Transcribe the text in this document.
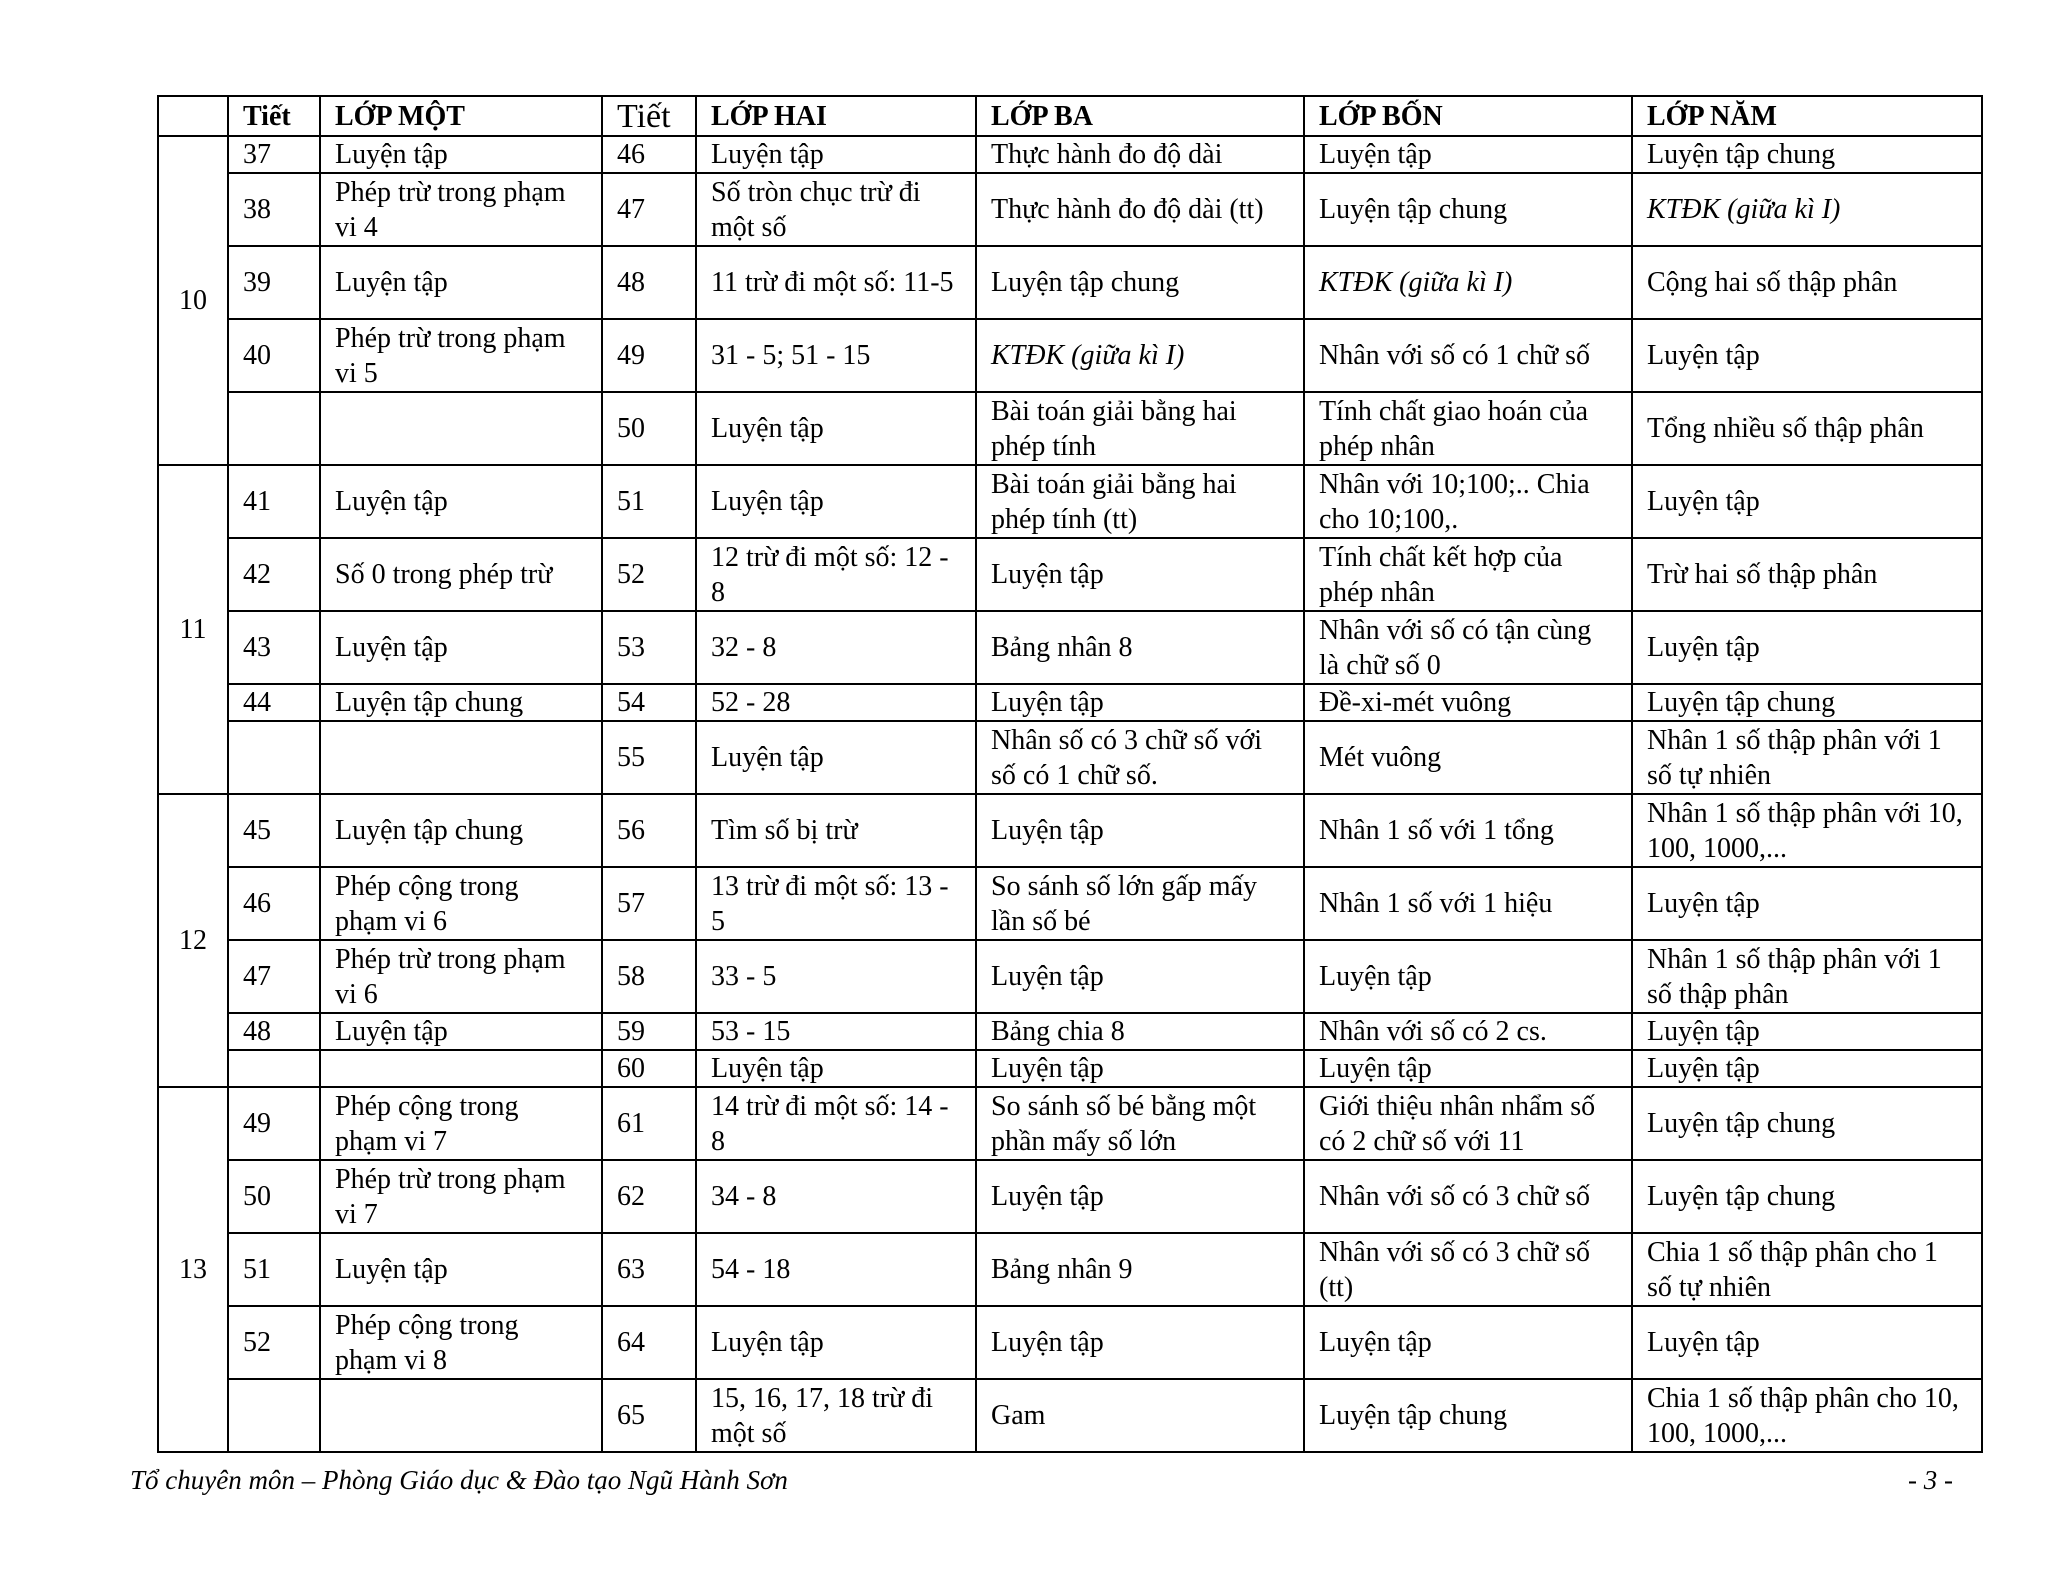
	Tiết	LỚP MỘT	Tiết	LỚP HAI	LỚP BA	LỚP BỐN	LỚP NĂM
10	37	Luyện tập	46	Luyện tập	Thực hành đo độ dài	Luyện tập	Luyện tập chung
	38	Phép trừ trong phạm vi 4	47	Số tròn chục trừ đi một số	Thực hành đo độ dài (tt)	Luyện tập chung	KTĐK (giữa kì I)
	39	Luyện tập	48	11 trừ đi một số: 11-5	Luyện tập chung	KTĐK (giữa kì I)	Cộng hai số thập phân
	40	Phép trừ trong phạm vi 5	49	31 - 5; 51 - 15	KTĐK (giữa kì I)	Nhân với số có 1 chữ số	Luyện tập
			50	Luyện tập	Bài toán giải bằng hai phép tính	Tính chất giao hoán của phép nhân	Tổng nhiều số thập phân
11	41	Luyện tập	51	Luyện tập	Bài toán giải bằng hai phép tính (tt)	Nhân với 10;100;.. Chia cho 10;100,.	Luyện tập
	42	Số 0 trong phép trừ	52	12 trừ đi một số: 12 - 8	Luyện tập	Tính chất kết hợp của phép nhân	Trừ hai số thập phân
	43	Luyện tập	53	32 - 8	Bảng nhân 8	Nhân với số có tận cùng là chữ số 0	Luyện tập
	44	Luyện tập chung	54	52 - 28	Luyện tập	Đề-xi-mét vuông	Luyện tập chung
			55	Luyện tập	Nhân số có 3 chữ số với số có 1 chữ số.	Mét vuông	Nhân 1 số thập phân với 1 số tự nhiên
12	45	Luyện tập chung	56	Tìm số bị trừ	Luyện tập	Nhân 1 số với 1 tổng	Nhân 1 số thập phân với 10, 100, 1000,...
	46	Phép cộng trong phạm vi 6	57	13 trừ đi một số: 13 - 5	So sánh số lớn gấp mấy lần số bé	Nhân 1 số với 1 hiệu	Luyện tập
	47	Phép trừ trong phạm vi 6	58	33 - 5	Luyện tập	Luyện tập	Nhân 1 số thập phân với 1 số thập phân
	48	Luyện tập	59	53 - 15	Bảng chia 8	Nhân với số có 2 cs.	Luyện tập
			60	Luyện tập	Luyện tập	Luyện tập	Luyện tập
13	49	Phép cộng trong phạm vi 7	61	14 trừ đi một số: 14 - 8	So sánh số bé bằng một phần mấy số lớn	Giới thiệu nhân nhẩm số có 2 chữ số với 11	Luyện tập chung
	50	Phép trừ trong phạm vi 7	62	34 - 8	Luyện tập	Nhân với số có 3 chữ số	Luyện tập chung
	51	Luyện tập	63	54 - 18	Bảng nhân 9	Nhân với số có 3 chữ số (tt)	Chia 1 số thập phân cho 1 số tự nhiên
	52	Phép cộng trong phạm vi 8	64	Luyện tập	Luyện tập	Luyện tập	Luyện tập
			65	15, 16, 17, 18 trừ đi một số	Gam	Luyện tập chung	Chia 1 số thập phân cho 10, 100, 1000,...
Tổ chuyên môn – Phòng Giáo dục & Đào tạo Ngũ Hành Sơn	- 3 -
